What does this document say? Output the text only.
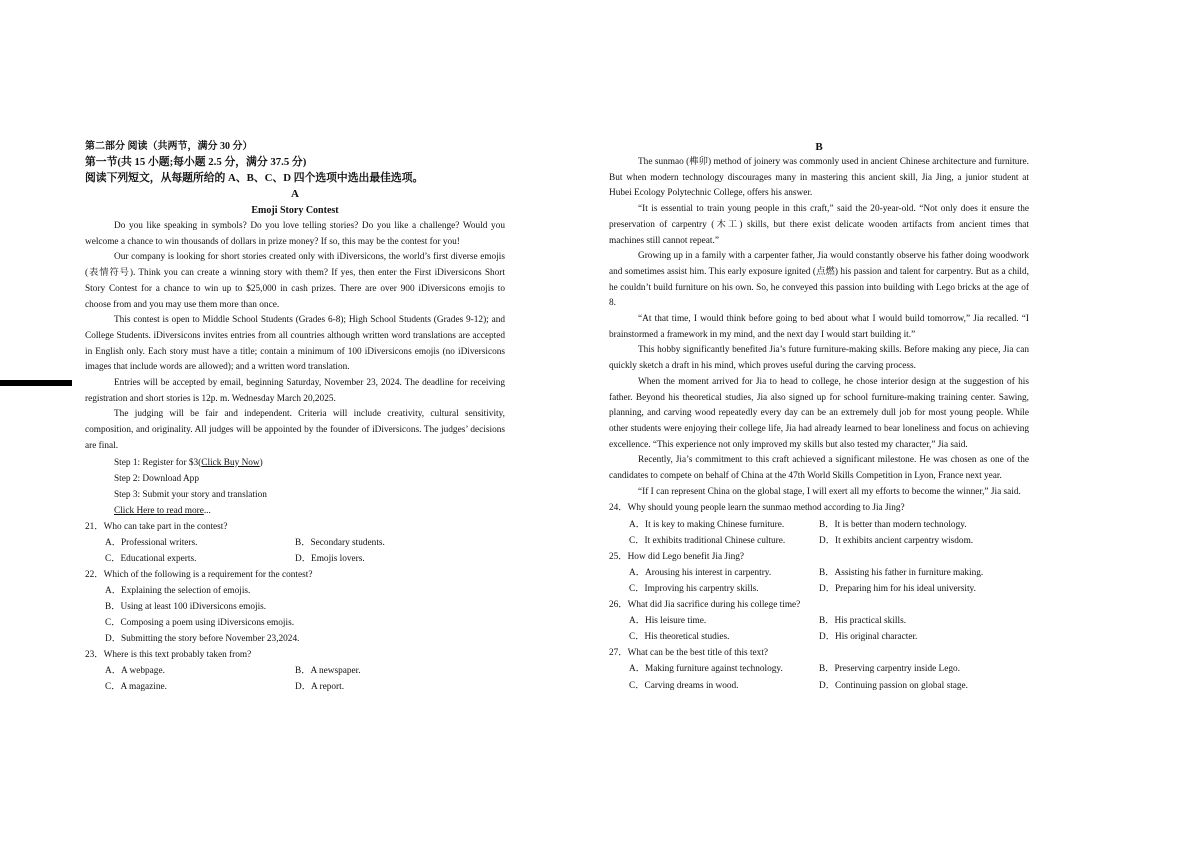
第二部分 阅读（共两节，满分 30 分）
第一节(共 15 小题;每小题 2.5 分，满分 37.5 分)
阅读下列短文，从每题所给的 A、B、C、D 四个选项中选出最佳选项。
A
Emoji Story Contest

Do you like speaking in symbols? Do you love telling stories? Do you like a challenge? Would you welcome a chance to win thousands of dollars in prize money? If so, this may be the contest for you!

Our company is looking for short stories created only with iDiversicons, the world’s first diverse emojis (表情符号). Think you can create a winning story with them? If yes, then enter the First iDiversicons Short Story Contest for a chance to win up to $25,000 in cash prizes. There are over 900 iDiversicons emojis to choose from and you may use them more than once.

This contest is open to Middle School Students (Grades 6-8); High School Students (Grades 9-12); and College Students. iDiversicons invites entries from all countries although written word translations are accepted in English only. Each story must have a title; contain a minimum of 100 iDiversicons emojis (no iDiversicons images that include words are allowed); and a written word translation.

Entries will be accepted by email, beginning Saturday, November 23, 2024. The deadline for receiving registration and short stories is 12p. m. Wednesday March 20,2025.

The judging will be fair and independent. Criteria will include creativity, cultural sensitivity, composition, and originality. All judges will be appointed by the founder of iDiversicons. The judges’ decisions are final.

Step 1: Register for $3(Click Buy Now)
Step 2: Download App
Step 3: Submit your story and translation
Click Here to read more...
21．Who can take part in the contest?
A．Professional writers.	B．Secondary students.
C．Educational experts.	D．Emojis lovers.
22．Which of the following is a requirement for the contest?
A．Explaining the selection of emojis.
B．Using at least 100 iDiversicons emojis.
C．Composing a poem using iDiversicons emojis.
D．Submitting the story before November 23,2024.
23．Where is this text probably taken from?
A．A webpage.	B．A newspaper.
C．A magazine.	D．A report.
B

The sunmao (榫卯) method of joinery was commonly used in ancient Chinese architecture and furniture. But when modern technology discourages many in mastering this ancient skill, Jia Jing, a junior student at Hubei Ecology Polytechnic College, offers his answer.

“It is essential to train young people in this craft,” said the 20-year-old. “Not only does it ensure the preservation of carpentry (木工) skills, but there exist delicate wooden artifacts from ancient times that machines still cannot repeat.”

Growing up in a family with a carpenter father, Jia would constantly observe his father doing woodwork and sometimes assist him. This early exposure ignited (点燃) his passion and talent for carpentry. But as a child, he couldn’t build furniture on his own. So, he conveyed this passion into building with Lego bricks at the age of 8.

“At that time, I would think before going to bed about what I would build tomorrow,” Jia recalled. “I brainstormed a framework in my mind, and the next day I would start building it.”

This hobby significantly benefited Jia’s future furniture-making skills. Before making any piece, Jia can quickly sketch a draft in his mind, which proves useful during the carving process.

When the moment arrived for Jia to head to college, he chose interior design at the suggestion of his father. Beyond his theoretical studies, Jia also signed up for school furniture-making training center. Sawing, planning, and carving wood repeatedly every day can be an extremely dull job for most young people. While other students were enjoying their college life, Jia had already learned to bear loneliness and focus on achieving excellence. “This experience not only improved my skills but also tested my character,” Jia said.

Recently, Jia’s commitment to this craft achieved a significant milestone. He was chosen as one of the candidates to compete on behalf of China at the 47th World Skills Competition in Lyon, France next year.

“If I can represent China on the global stage, I will exert all my efforts to become the winner,” Jia said.

24．Why should young people learn the sunmao method according to Jia Jing?
A．It is key to making Chinese furniture.	B．It is better than modern technology.
C．It exhibits traditional Chinese culture.	D．It exhibits ancient carpentry wisdom.
25．How did Lego benefit Jia Jing?
A．Arousing his interest in carpentry.	B．Assisting his father in furniture making.
C．Improving his carpentry skills.	D．Preparing him for his ideal university.
26．What did Jia sacrifice during his college time?
A．His leisure time.	B．His practical skills.
C．His theoretical studies.	D．His original character.
27．What can be the best title of this text?
A．Making furniture against technology.	B．Preserving carpentry inside Lego.
C．Carving dreams in wood.	D．Continuing passion on global stage.
